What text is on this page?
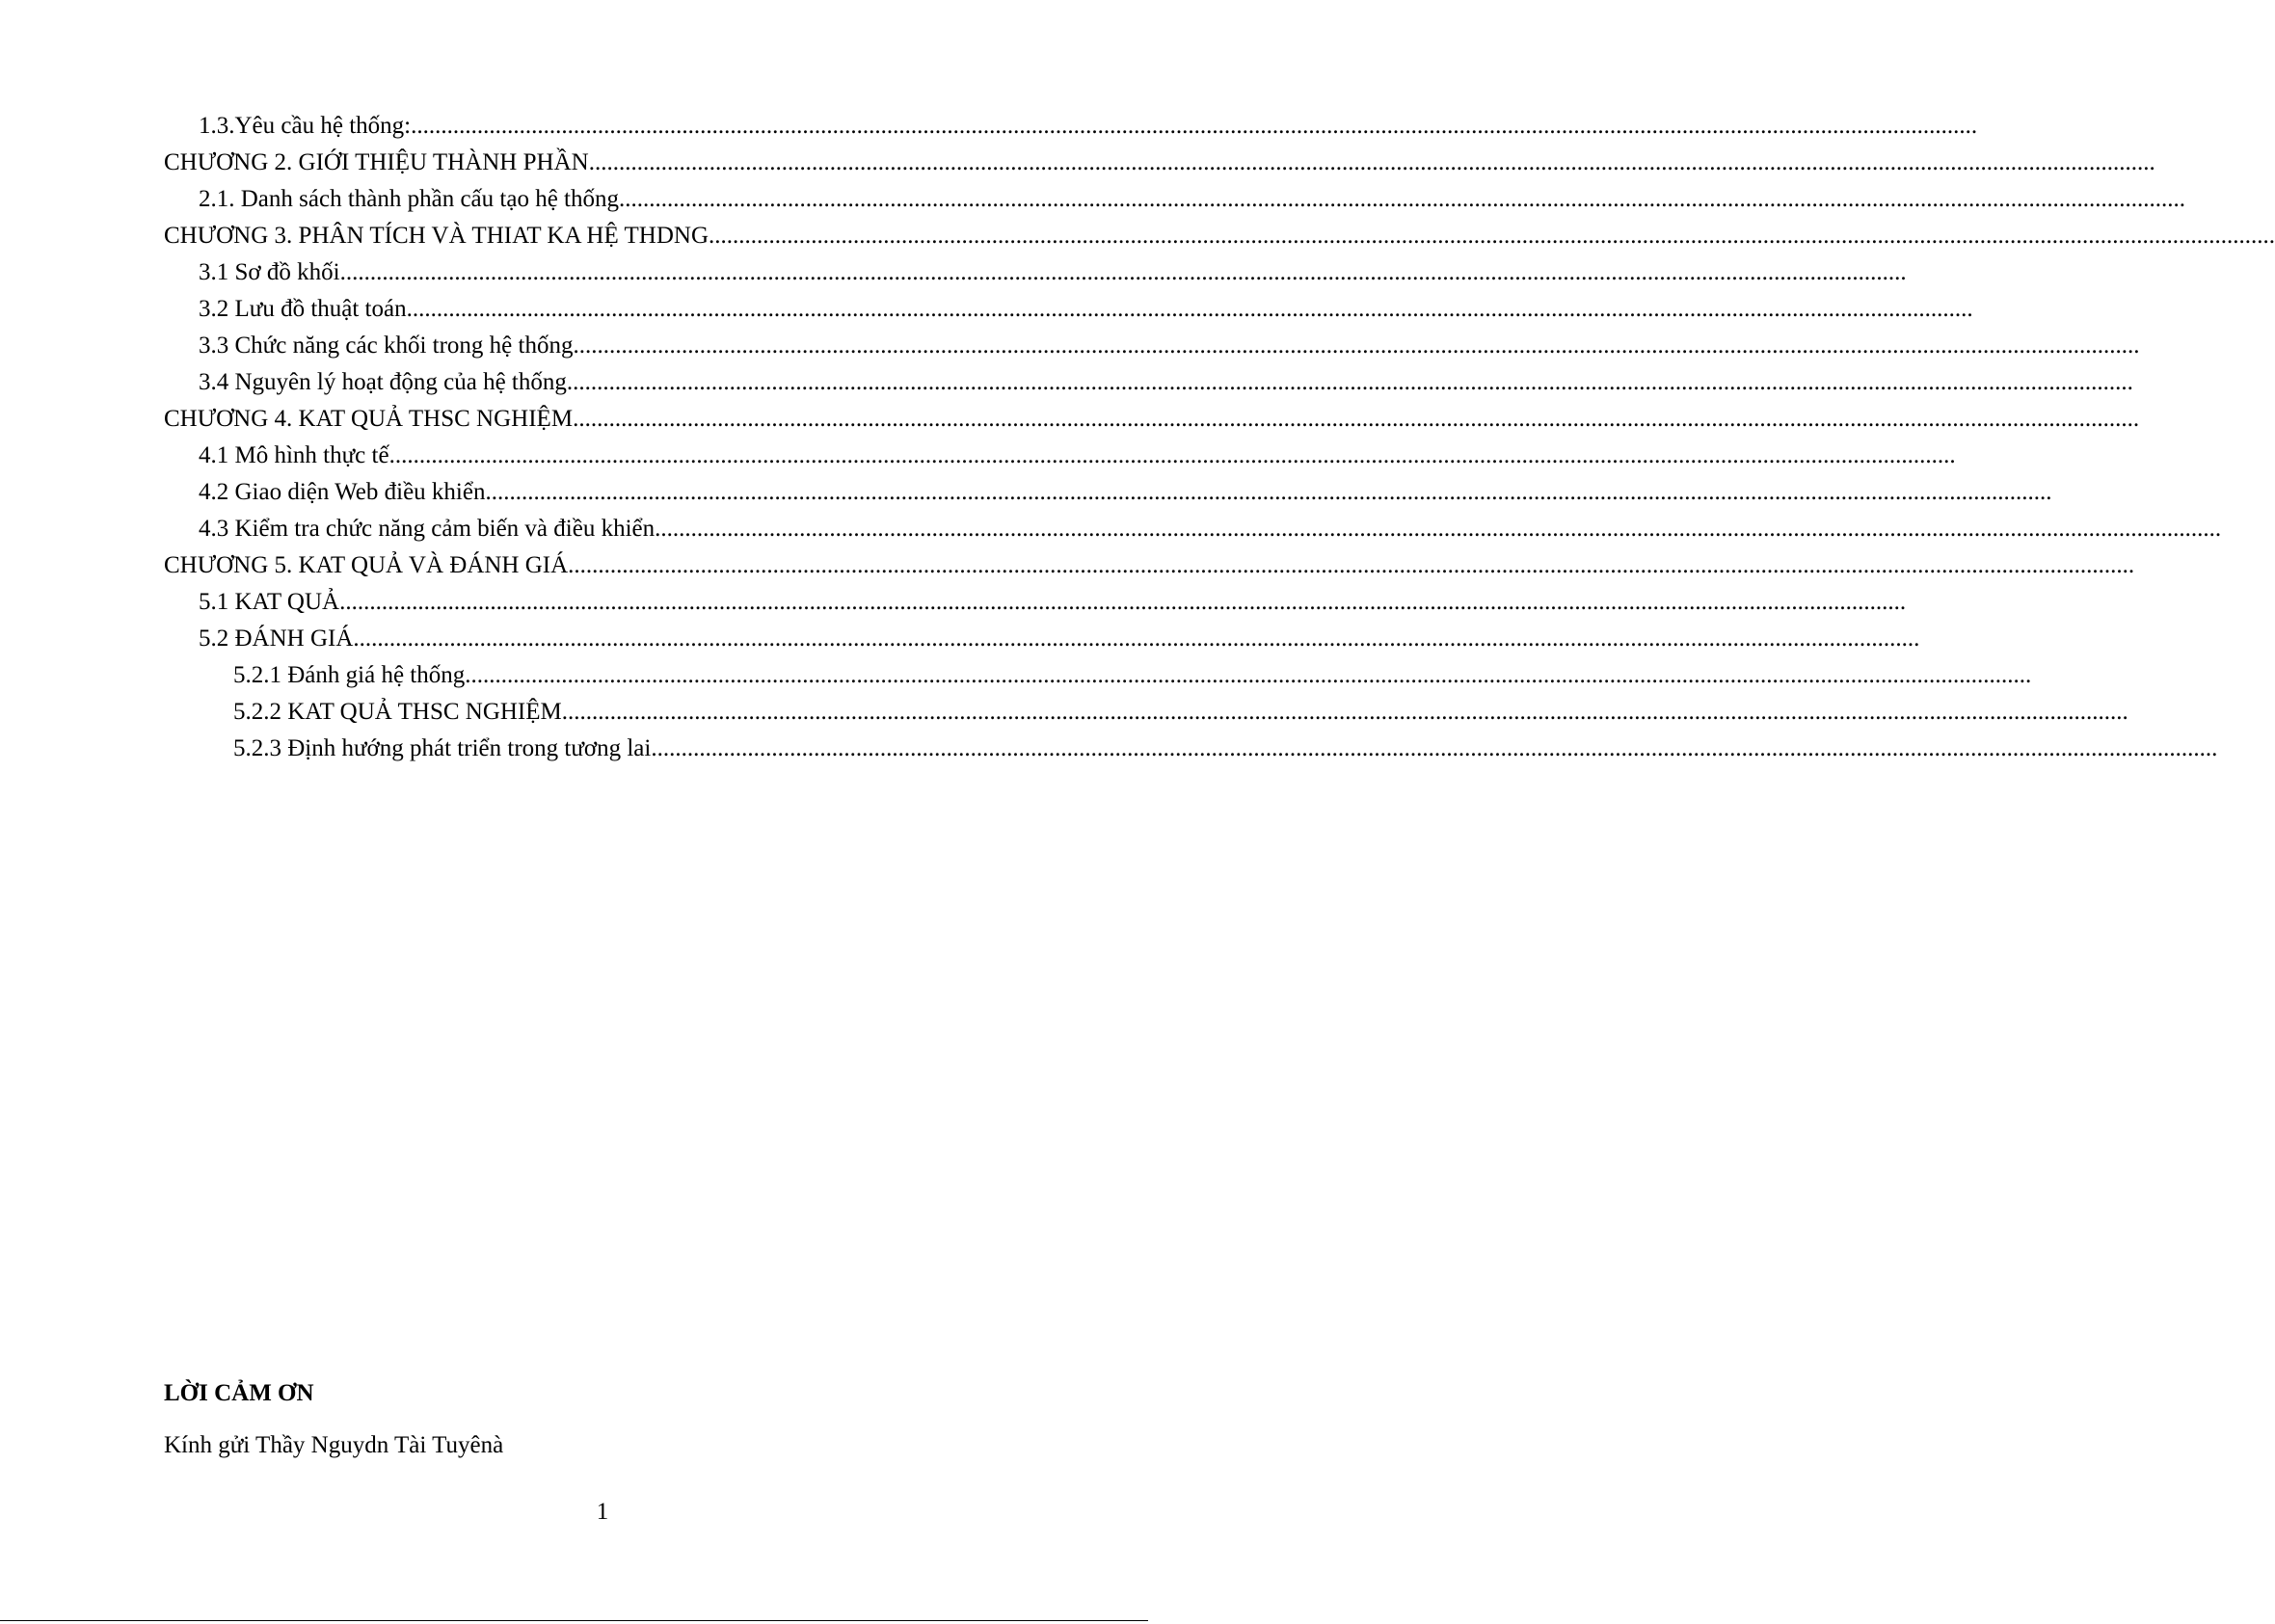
1.3.Yêu cầu hệ thống:....................................................................................................................................................................................................................................................................
CHƯƠNG 2. GIỚI THIỆU THÀNH PHẦN....................................................................................................................................................................................................................................................................
2.1. Danh sách thành phần cấu tạo hệ thống....................................................................................................................................................................................................................................................................
CHƯƠNG 3. PHÂN TÍCH VÀ THIAT KA HỆ THDNG....................................................................................................................................................................................................................................................................
3.1 Sơ đồ khối....................................................................................................................................................................................................................................................................
3.2 Lưu đồ thuật toán....................................................................................................................................................................................................................................................................
3.3 Chức năng các khối trong hệ thống....................................................................................................................................................................................................................................................................
3.4 Nguyên lý hoạt động của hệ thống....................................................................................................................................................................................................................................................................
CHƯƠNG 4. KAT QUẢ THSC NGHIỆM....................................................................................................................................................................................................................................................................
4.1 Mô hình thực tế....................................................................................................................................................................................................................................................................
4.2 Giao diện Web điều khiển....................................................................................................................................................................................................................................................................
4.3 Kiểm tra chức năng cảm biến và điều khiển....................................................................................................................................................................................................................................................................
CHƯƠNG 5. KAT QUẢ VÀ ĐÁNH GIÁ....................................................................................................................................................................................................................................................................
5.1 KAT QUẢ....................................................................................................................................................................................................................................................................
5.2 ĐÁNH GIÁ....................................................................................................................................................................................................................................................................
5.2.1 Đánh giá hệ thống....................................................................................................................................................................................................................................................................
5.2.2 KAT QUẢ THSC NGHIỆM....................................................................................................................................................................................................................................................................
5.2.3 Định hướng phát triển trong tương lai....................................................................................................................................................................................................................................................................
LỜI CẢM ƠN
Kính gửi Thầy Nguydn Tài Tuyênà
1
